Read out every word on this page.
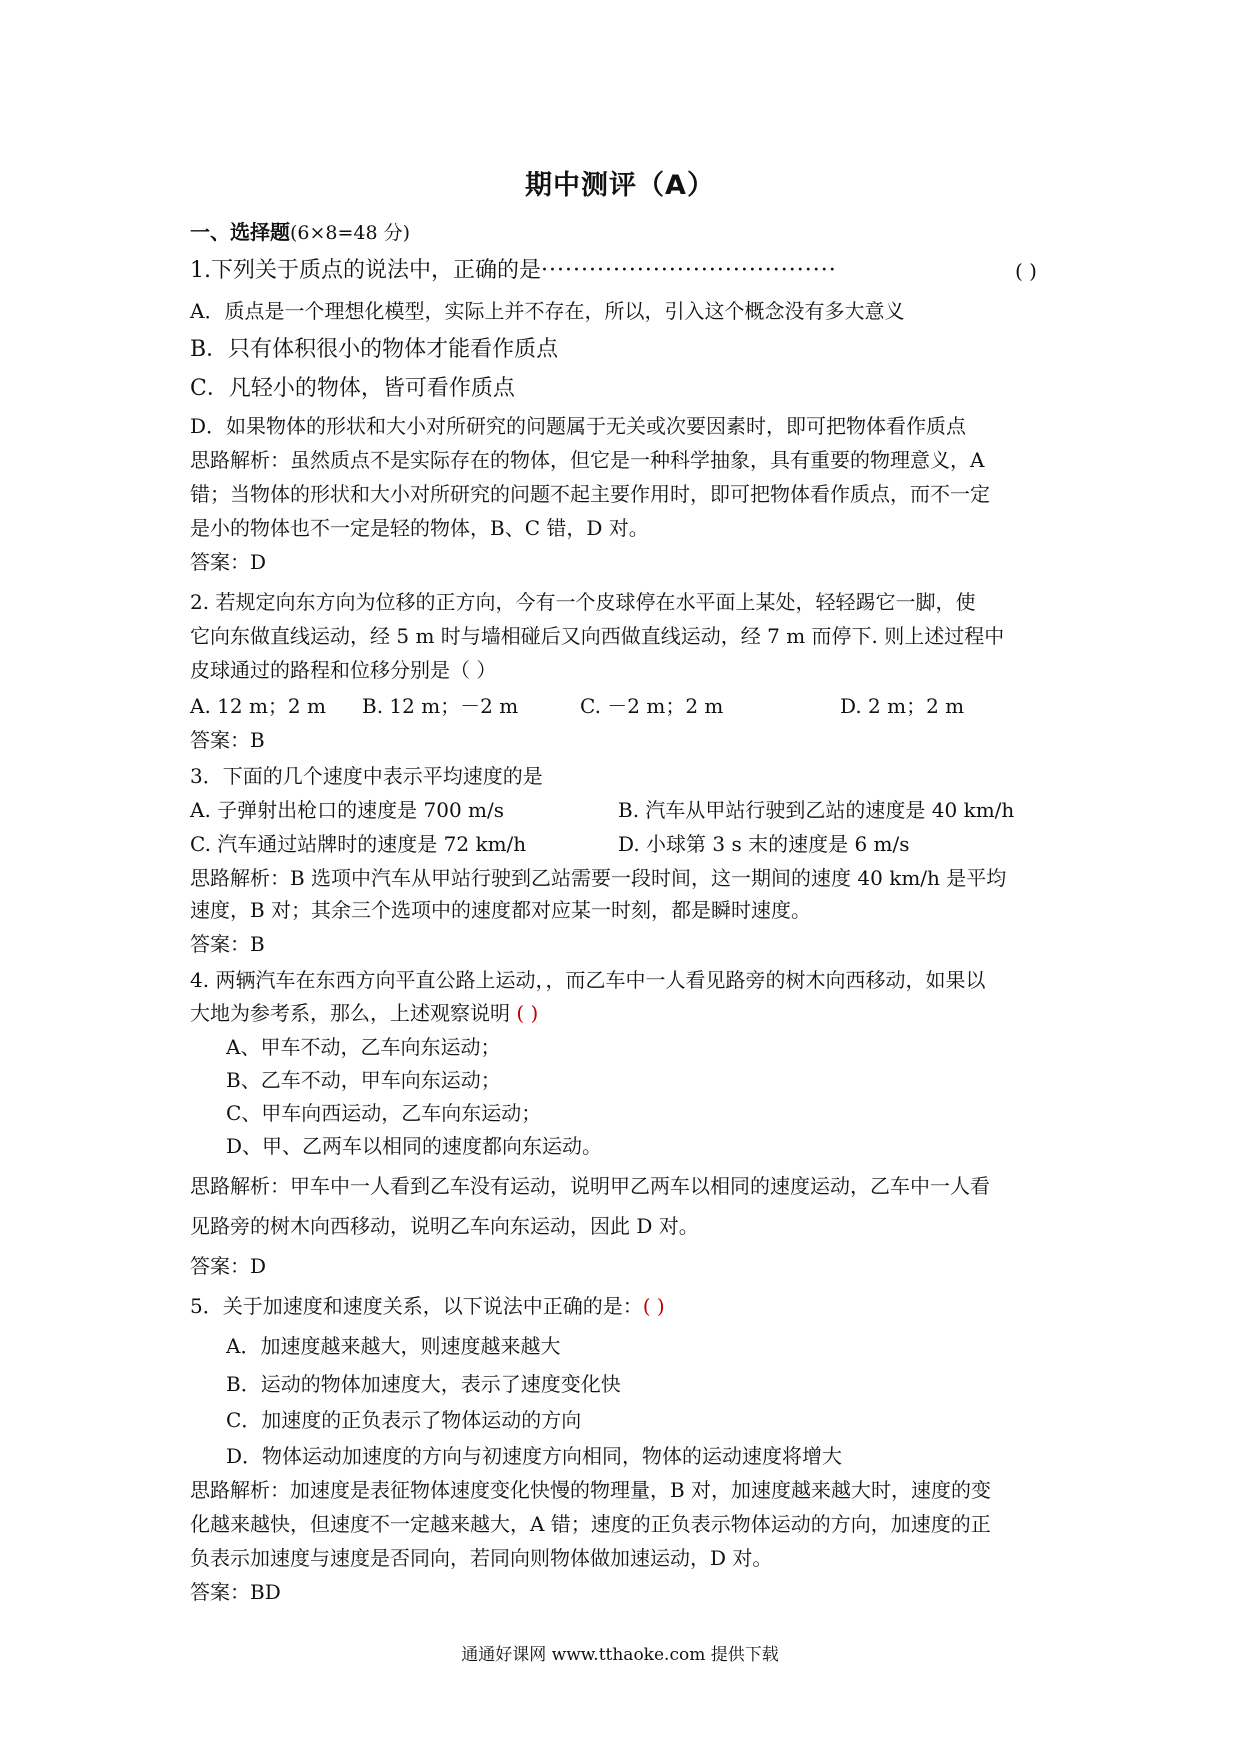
期中测评（A）
一、选择题(6×8=48 分)
1.下列关于质点的说法中，正确的是·····································	( )
A．质点是一个理想化模型，实际上并不存在，所以，引入这个概念没有多大意义
B．只有体积很小的物体才能看作质点
C．凡轻小的物体，皆可看作质点
D．如果物体的形状和大小对所研究的问题属于无关或次要因素时，即可把物体看作质点
思路解析：虽然质点不是实际存在的物体，但它是一种科学抽象，具有重要的物理意义，A
错；当物体的形状和大小对所研究的问题不起主要作用时，即可把物体看作质点，而不一定
是小的物体也不一定是轻的物体，B、C 错，D 对。
答案：D
2. 若规定向东方向为位移的正方向，今有一个皮球停在水平面上某处，轻轻踢它一脚，使
它向东做直线运动，经 5 m 时与墙相碰后又向西做直线运动，经 7 m 而停下. 则上述过程中
皮球通过的路程和位移分别是（ ）
A. 12 m；2 m B. 12 m；－2 m	C. －2 m；2 m	D. 2 m；2 m
答案：B
3．下面的几个速度中表示平均速度的是
A. 子弹射出枪口的速度是 700 m/s	B. 汽车从甲站行驶到乙站的速度是 40 km/h
C. 汽车通过站牌时的速度是 72 km/h	D. 小球第 3 s 末的速度是 6 m/s
思路解析：B 选项中汽车从甲站行驶到乙站需要一段时间，这一期间的速度 40 km/h 是平均
速度，B 对；其余三个选项中的速度都对应某一时刻，都是瞬时速度。
答案：B
4. 两辆汽车在东西方向平直公路上运动，，而乙车中一人看见路旁的树木向西移动，如果以
大地为参考系，那么，上述观察说明 ( )
A、甲车不动，乙车向东运动；
B、乙车不动，甲车向东运动；
C、甲车向西运动，乙车向东运动；
D、甲、乙两车以相同的速度都向东运动。
思路解析：甲车中一人看到乙车没有运动，说明甲乙两车以相同的速度运动，乙车中一人看
见路旁的树木向西移动，说明乙车向东运动，因此 D 对。
答案：D
5．关于加速度和速度关系，以下说法中正确的是：( )
A．加速度越来越大，则速度越来越大
B．运动的物体加速度大，表示了速度变化快
C．加速度的正负表示了物体运动的方向
D．物体运动加速度的方向与初速度方向相同，物体的运动速度将增大
思路解析：加速度是表征物体速度变化快慢的物理量，B 对，加速度越来越大时，速度的变
化越来越快，但速度不一定越来越大，A 错；速度的正负表示物体运动的方向，加速度的正
负表示加速度与速度是否同向，若同向则物体做加速运动，D 对。
答案：BD
通通好课网 www.tthaoke.com 提供下载
